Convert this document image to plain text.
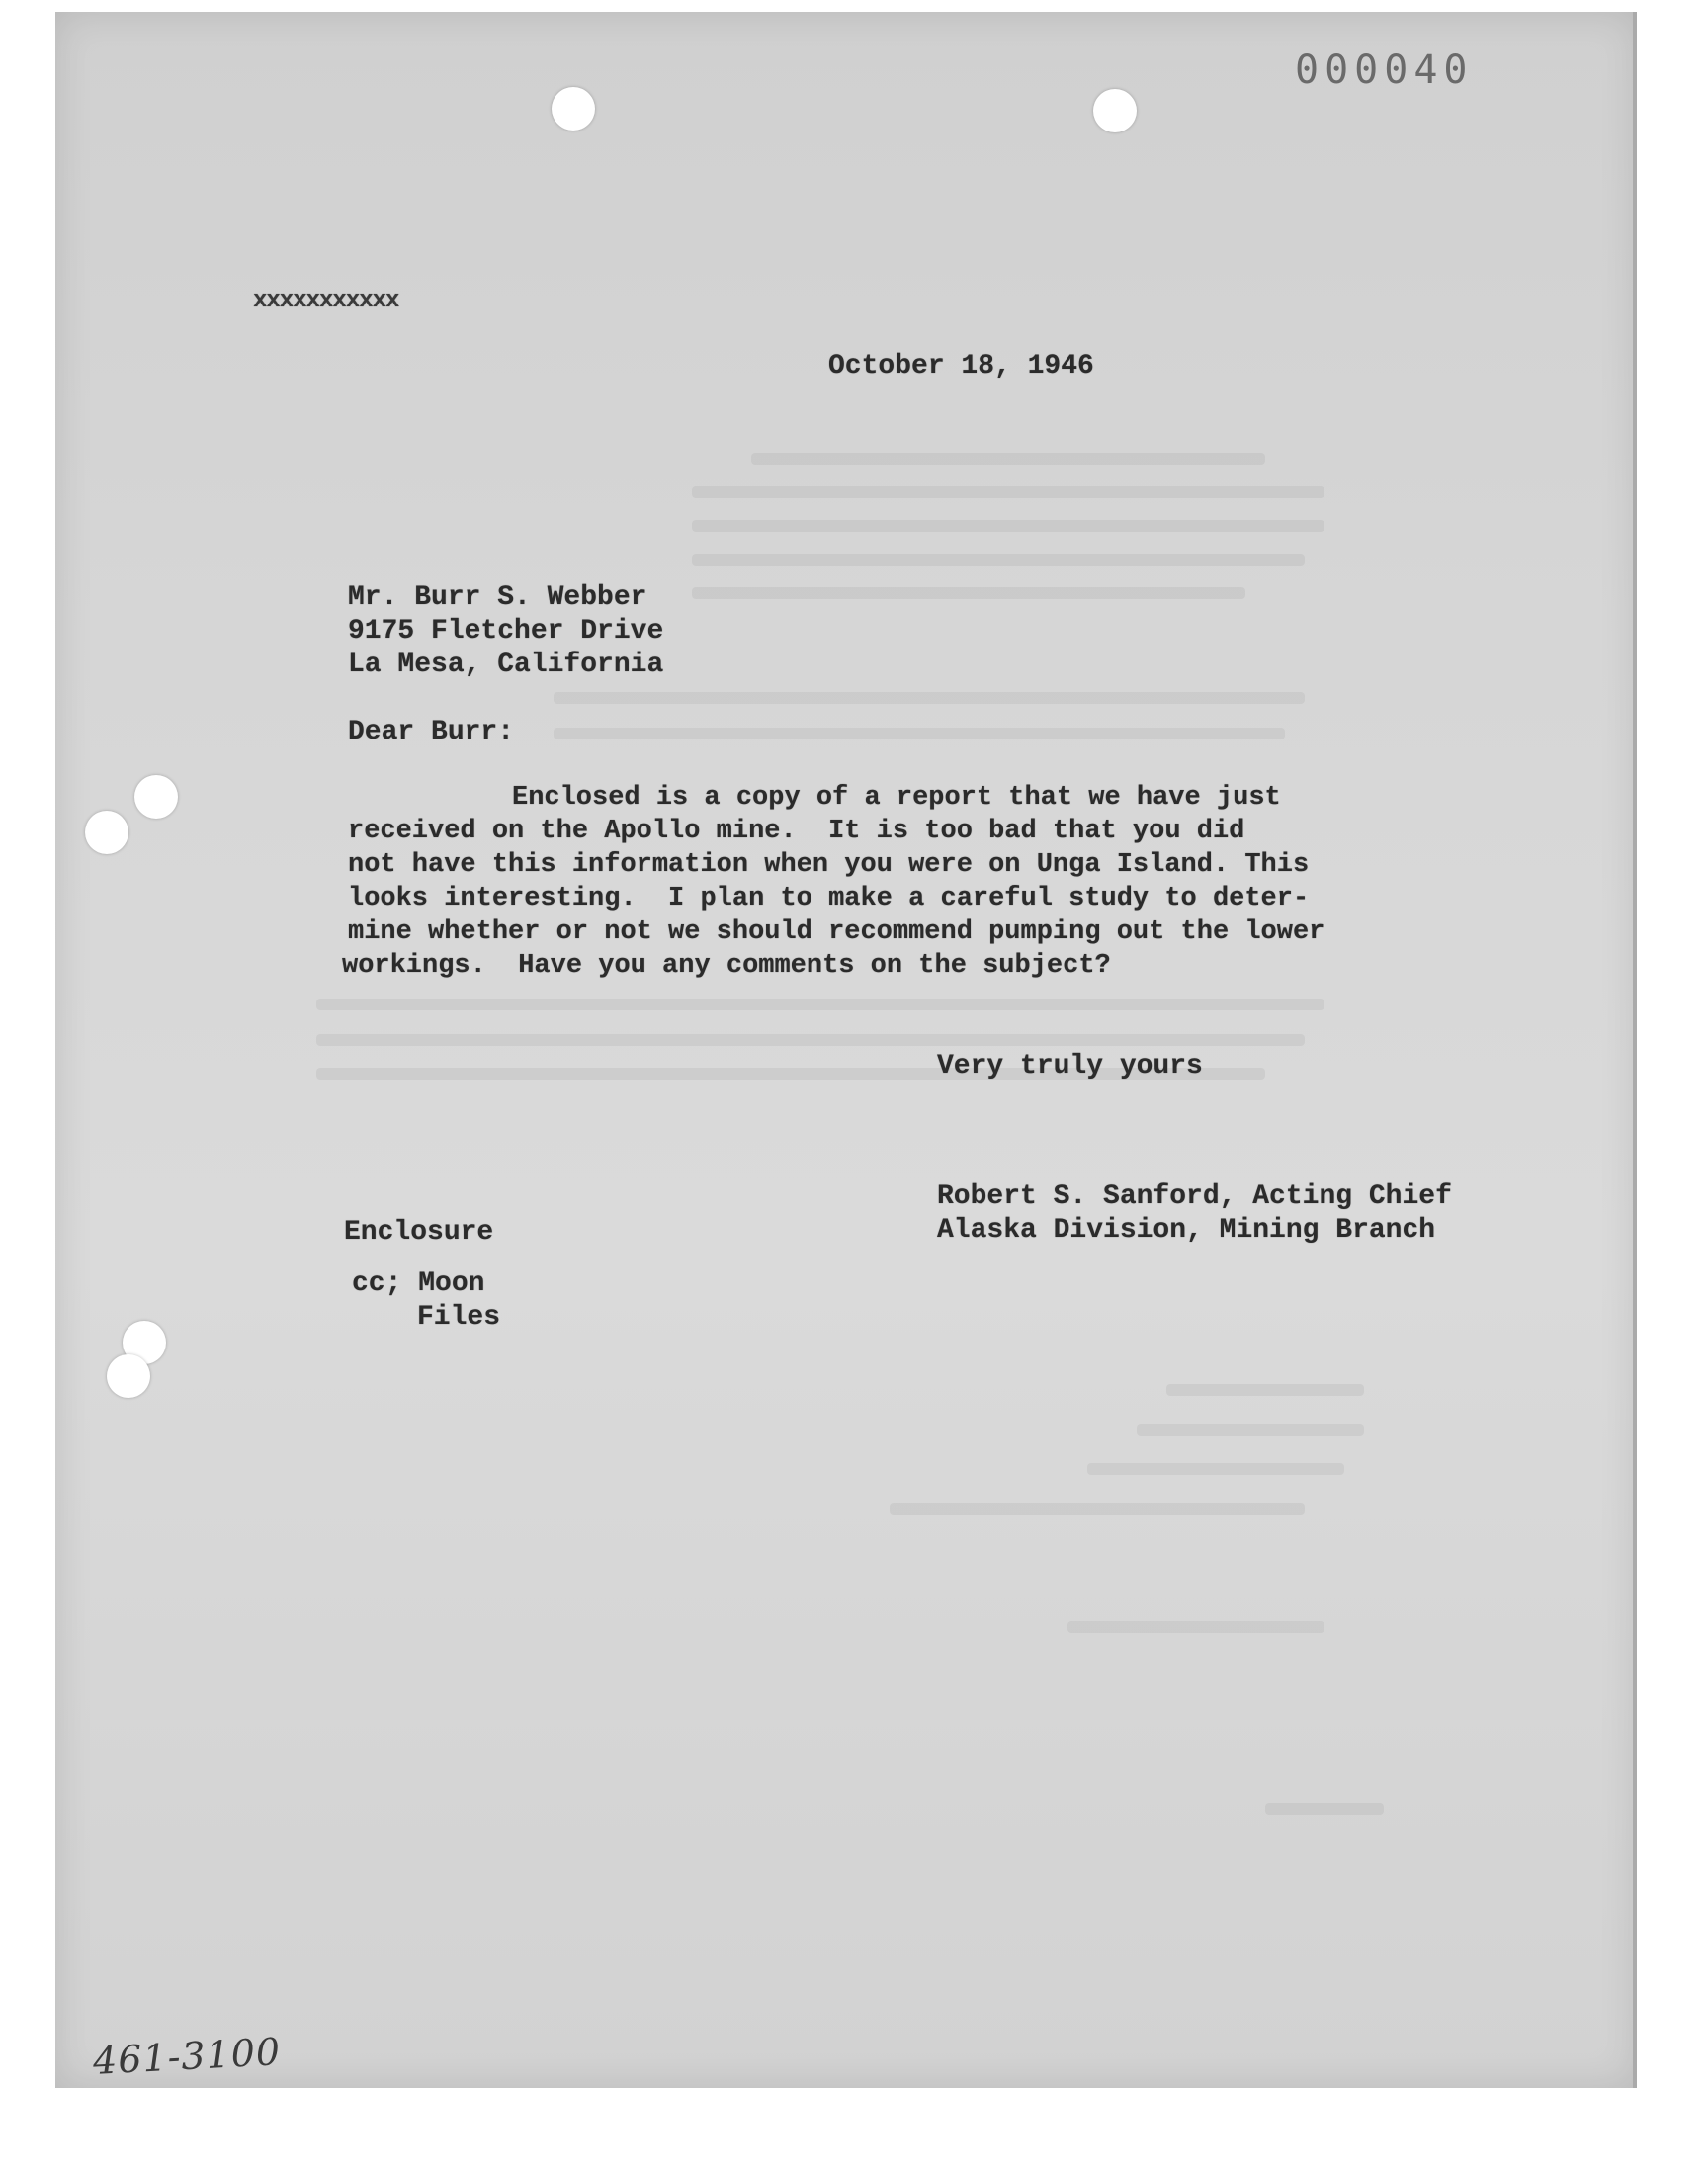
000040
xxxxxxxxxxx
October 18, 1946
Mr. Burr S. Webber
9175 Fletcher Drive
La Mesa, California
Dear Burr:
Enclosed is a copy of a report that we have just
received on the Apollo mine.  It is too bad that you did
not have this information when you were on Unga Island. This
looks interesting.  I plan to make a careful study to deter-
mine whether or not we should recommend pumping out the lower
workings.  Have you any comments on the subject?
Very truly yours
Robert S. Sanford, Acting Chief
Alaska Division, Mining Branch
Enclosure
cc; Moon
Files
461-3100
